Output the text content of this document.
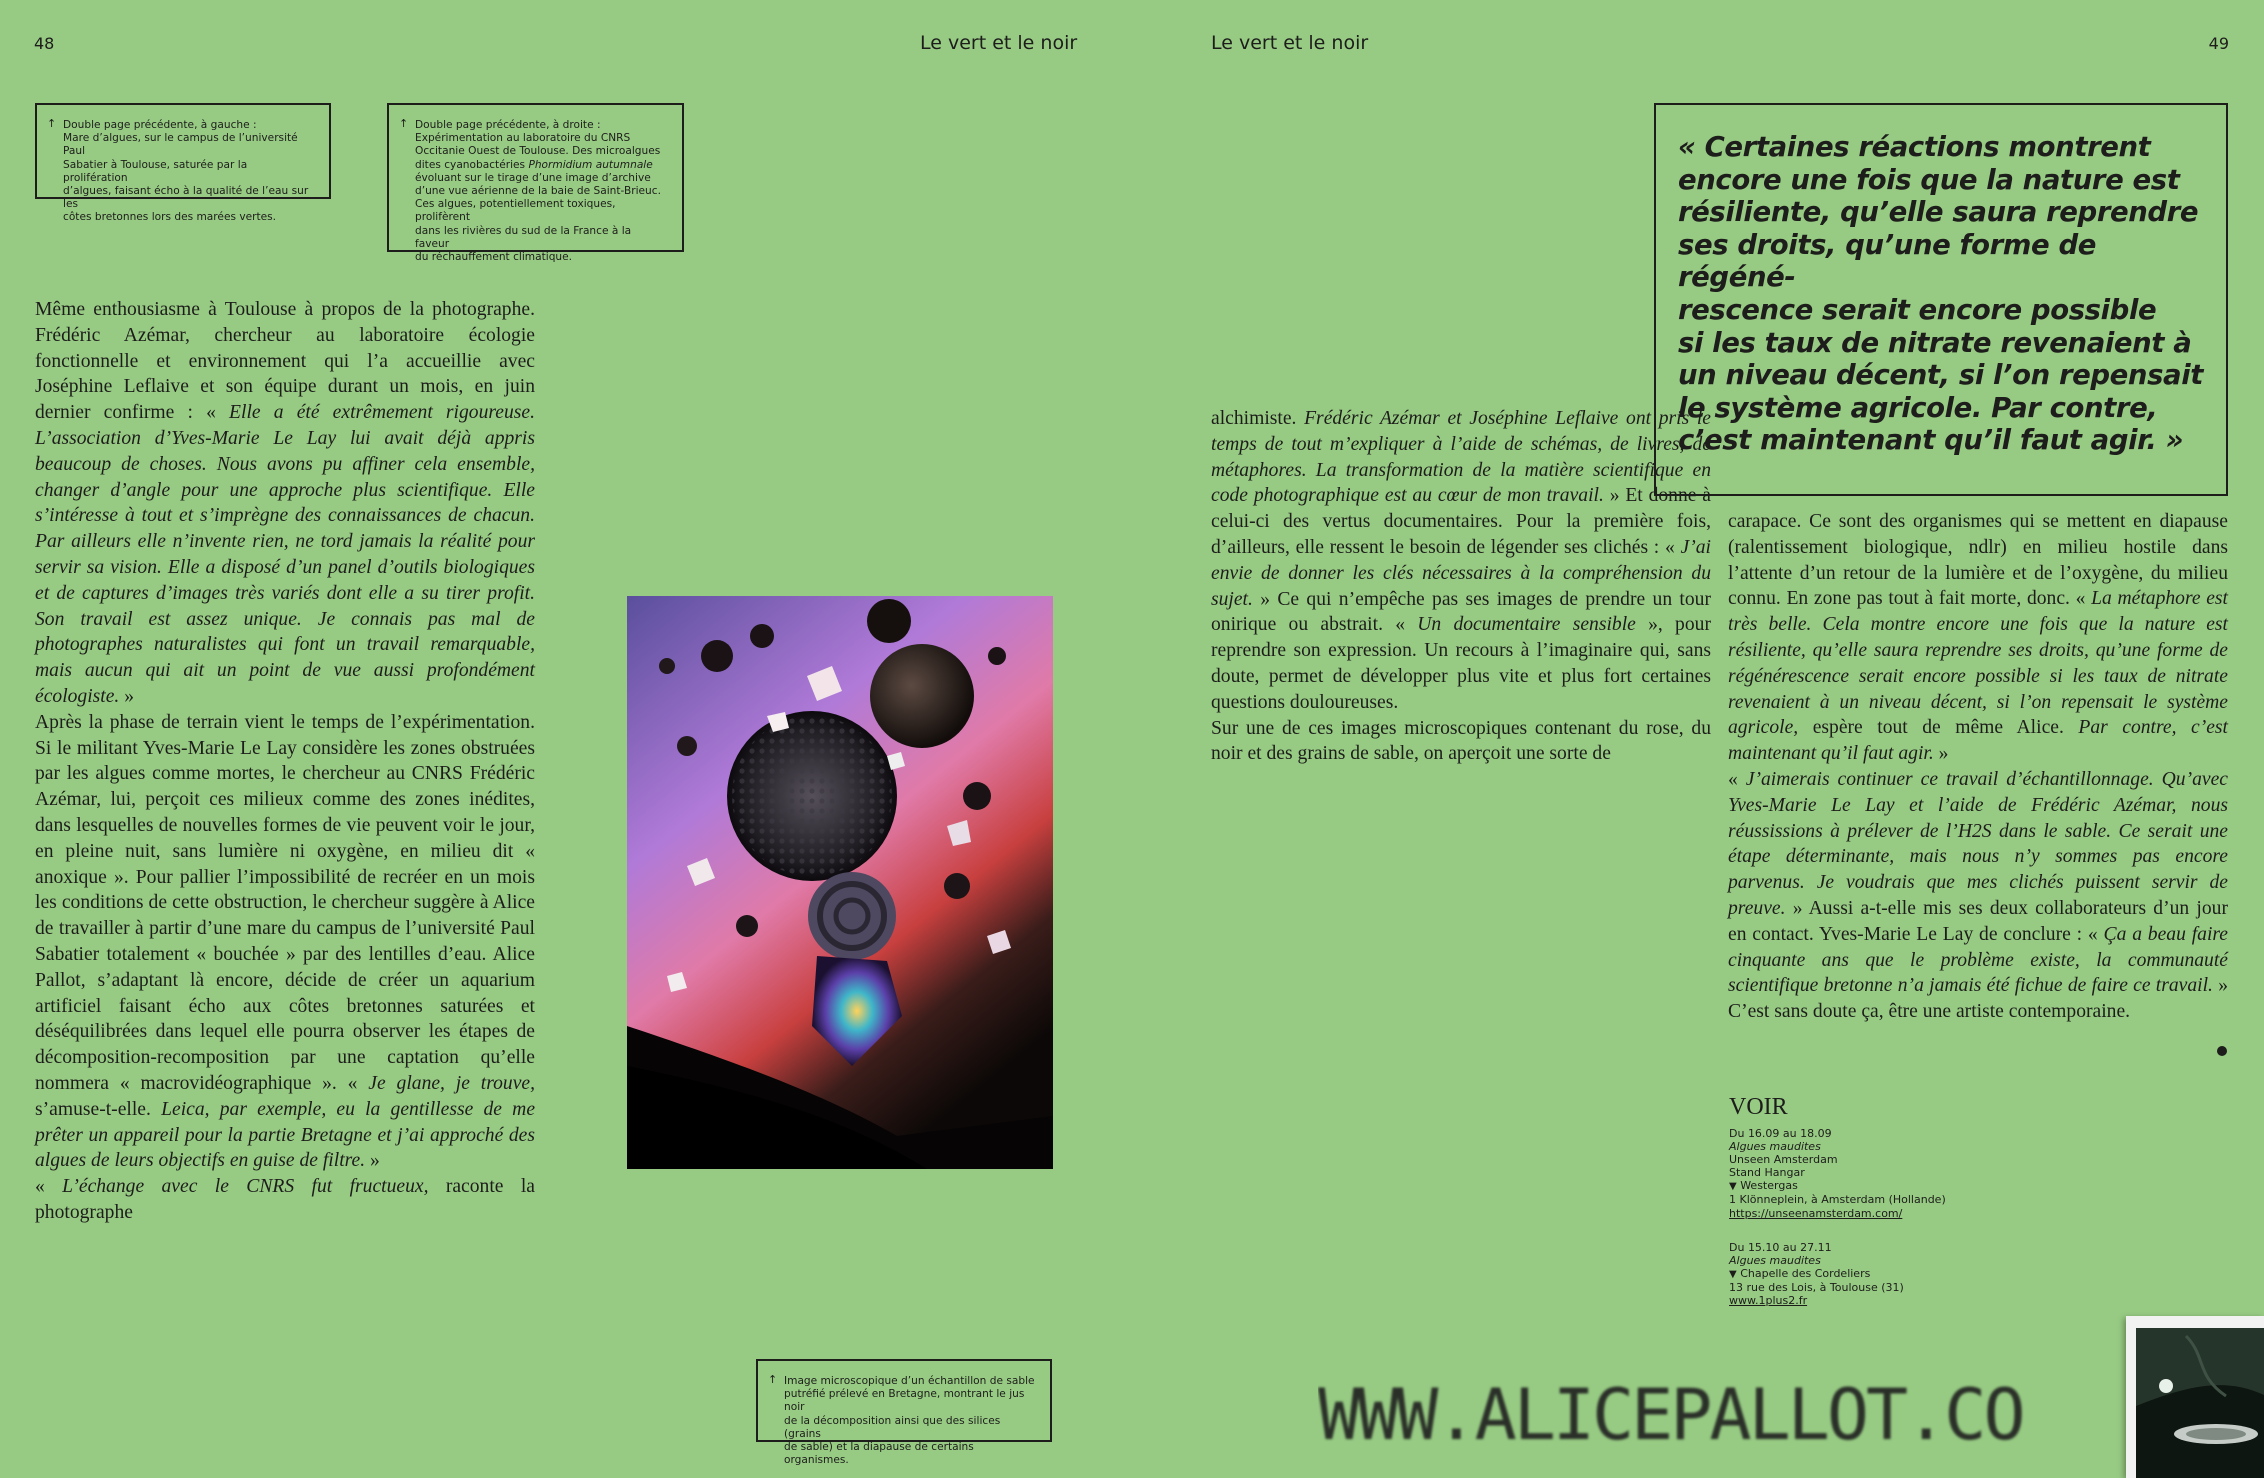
48	Le vert et le noir	Le vert et le noir	49
↑ Double page précédente, à gauche :
Mare d’algues, sur le campus de l’université Paul
Sabatier à Toulouse, saturée par la prolifération
d’algues, faisant écho à la qualité de l’eau sur les
côtes bretonnes lors des marées vertes.

↑ Double page précédente, à droite :
Expérimentation au laboratoire du CNRS
Occitanie Ouest de Toulouse. Des microalgues
dites cyanobactéries Phormidium autumnale
évoluant sur le tirage d’une image d’archive
d’une vue aérienne de la baie de Saint-Brieuc.
Ces algues, potentiellement toxiques, prolifèrent
dans les rivières du sud de la France à la faveur
du réchauffement climatique.

↑ Image microscopique d’un échantillon de sable
putréfié prélevé en Bretagne, montrant le jus noir
de la décomposition ainsi que des silices (grains
de sable) et la diapause de certains organismes.

Même enthousiasme à Toulouse à propos de la photographe. Frédéric Azémar, chercheur au laboratoire écologie fonctionnelle et environnement qui l’a accueillie avec Joséphine Leflaive et son équipe durant un mois, en juin dernier confirme : « Elle a été extrêmement rigoureuse. L’association d’Yves-Marie Le Lay lui avait déjà appris beaucoup de choses. Nous avons pu affiner cela ensemble, changer d’angle pour une approche plus scientifique. Elle s’intéresse à tout et s’imprègne des connaissances de chacun. Par ailleurs elle n’invente rien, ne tord jamais la réalité pour servir sa vision. Elle a disposé d’un panel d’outils biologiques et de captures d’images très variés dont elle a su tirer profit. Son travail est assez unique. Je connais pas mal de photographes naturalistes qui font un travail remarquable, mais aucun qui ait un point de vue aussi profondément écologiste. »

Après la phase de terrain vient le temps de l’expérimentation. Si le militant Yves-Marie Le Lay considère les zones obstruées par les algues comme mortes, le chercheur au CNRS Frédéric Azémar, lui, perçoit ces milieux comme des zones inédites, dans lesquelles de nouvelles formes de vie peuvent voir le jour, en pleine nuit, sans lumière ni oxygène, en milieu dit « anoxique ». Pour pallier l’impossibilité de recréer en un mois les conditions de cette obstruction, le chercheur suggère à Alice de travailler à partir d’une mare du campus de l’université Paul Sabatier totalement « bouchée » par des lentilles d’eau. Alice Pallot, s’adaptant là encore, décide de créer un aquarium artificiel faisant écho aux côtes bretonnes saturées et déséquilibrées dans lequel elle pourra observer les étapes de décomposition-recomposition par une captation qu’elle nommera « macrovidéographique ». « Je glane, je trouve, s’amuse-t-elle. Leica, par exemple, eu la gentillesse de me prêter un appareil pour la partie Bretagne et j’ai approché des algues de leurs objectifs en guise de filtre. »

« L’échange avec le CNRS fut fructueux, raconte la photographe

alchimiste. Frédéric Azémar et Joséphine Leflaive ont pris le temps de tout m’expliquer à l’aide de schémas, de livres, de métaphores. La transformation de la matière scientifique en code photographique est au cœur de mon travail. » Et donne à celui-ci des vertus documentaires. Pour la première fois, d’ailleurs, elle ressent le besoin de légender ses clichés : « J’ai envie de donner les clés nécessaires à la compréhension du sujet. » Ce qui n’empêche pas ses images de prendre un tour onirique ou abstrait. « Un documentaire sensible », pour reprendre son expression. Un recours à l’imaginaire qui, sans doute, permet de développer plus vite et plus fort certaines questions douloureuses.

Sur une de ces images microscopiques contenant du rose, du noir et des grains de sable, on aperçoit une sorte de

« Certaines réactions montrent
encore une fois que la nature est
résiliente, qu’elle saura reprendre
ses droits, qu’une forme de régéné-
rescence serait encore possible
si les taux de nitrate revenaient à
un niveau décent, si l’on repensait
le système agricole. Par contre,
c’est maintenant qu’il faut agir. »

carapace. Ce sont des organismes qui se mettent en diapause (ralentissement biologique, ndlr) en milieu hostile dans l’attente d’un retour de la lumière et de l’oxygène, du milieu connu. En zone pas tout à fait morte, donc. « La métaphore est très belle. Cela montre encore une fois que la nature est résiliente, qu’elle saura reprendre ses droits, qu’une forme de régénérescence serait encore possible si les taux de nitrate revenaient à un niveau décent, si l’on repensait le système agricole, espère tout de même Alice. Par contre, c’est maintenant qu’il faut agir. »

« J’aimerais continuer ce travail d’échantillonnage. Qu’avec Yves-Marie Le Lay et l’aide de Frédéric Azémar, nous réussissions à prélever de l’H2S dans le sable. Ce serait une étape déterminante, mais nous n’y sommes pas encore parvenus. Je voudrais que mes clichés puissent servir de preuve. » Aussi a-t-elle mis ses deux collaborateurs d’un jour en contact. Yves-Marie Le Lay de conclure : « Ça a beau faire cinquante ans que le problème existe, la communauté scientifique bretonne n’a jamais été fichue de faire ce travail. » C’est sans doute ça, être une artiste contemporaine.

VOIR
Du 16.09 au 18.09
Algues maudites
Unseen Amsterdam
Stand Hangar
▼ Westergas
1 Klönneplein, à Amsterdam (Hollande)
https://unseenamsterdam.com/
Du 15.10 au 27.11
Algues maudites
▼ Chapelle des Cordeliers
13 rue des Lois, à Toulouse (31)
www.1plus2.fr
WWW.ALICEPALLOT.CO
